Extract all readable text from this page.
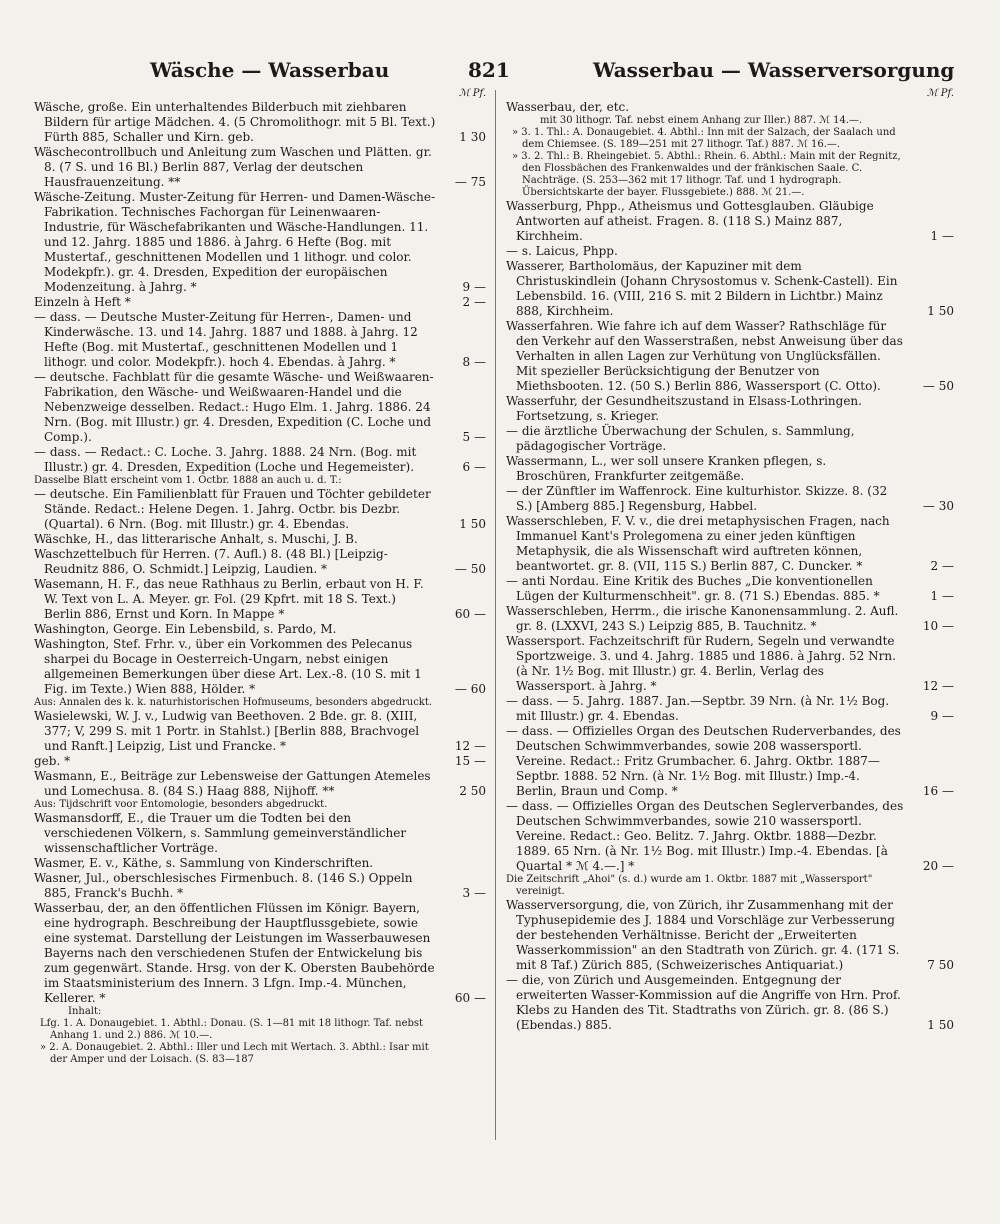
Wäsche — Wasserbau	821	Wasserbau — Wasserversorgung
ℳ Pf.
Wäsche, große. Ein unterhaltendes Bilderbuch mit ziehbaren Bildern für artige Mädchen. 4. (5 Chromolithogr. mit 5 Bl. Text.) Fürth 885, Schaller und Kirn. geb.	1 30
Wäschecontrollbuch und Anleitung zum Waschen und Plätten. gr. 8. (7 S. und 16 Bl.) Berlin 887, Verlag der deutschen Hausfrauenzeitung. **	— 75
Wäsche-Zeitung. Muster-Zeitung für Herren- und Damen-Wäsche-Fabrikation. Technisches Fachorgan für Leinenwaaren-Industrie, für Wäschefabrikanten und Wäsche-Handlungen. 11. und 12. Jahrg. 1885 und 1886. à Jahrg. 6 Hefte (Bog. mit Mustertaf., geschnittenen Modellen und 1 lithogr. und color. Modekpfr.). gr. 4. Dresden, Expedition der europäischen Modenzeitung. à Jahrg. *	9 —
Einzeln à Heft *	2 —
— dass. — Deutsche Muster-Zeitung für Herren-, Damen- und Kinderwäsche. 13. und 14. Jahrg. 1887 und 1888. à Jahrg. 12 Hefte (Bog. mit Mustertaf., geschnittenen Modellen und 1 lithogr. und color. Modekpfr.). hoch 4. Ebendas. à Jahrg. *	8 —
— deutsche. Fachblatt für die gesamte Wäsche- und Weißwaaren-Fabrikation, den Wäsche- und Weißwaaren-Handel und die Nebenzweige desselben. Redact.: Hugo Elm. 1. Jahrg. 1886. 24 Nrn. (Bog. mit Illustr.) gr. 4. Dresden, Expedition (C. Loche und Comp.).	5 —
— dass. — Redact.: C. Loche. 3. Jahrg. 1888. 24 Nrn. (Bog. mit Illustr.) gr. 4. Dresden, Expedition (Loche und Hegemeister).	6 —
Dasselbe Blatt erscheint vom 1. Octbr. 1888 an auch u. d. T.:
— deutsche. Ein Familienblatt für Frauen und Töchter gebildeter Stände. Redact.: Helene Degen. 1. Jahrg. Octbr. bis Dezbr. (Quartal). 6 Nrn. (Bog. mit Illustr.) gr. 4. Ebendas.	1 50
Wäschke, H., das litterarische Anhalt, s. Muschi, J. B.
Waschzettelbuch für Herren. (7. Aufl.) 8. (48 Bl.) [Leipzig-Reudnitz 886, O. Schmidt.] Leipzig, Laudien. *	— 50
Wasemann, H. F., das neue Rathhaus zu Berlin, erbaut von H. F. W. Text von L. A. Meyer. gr. Fol. (29 Kpfrt. mit 18 S. Text.) Berlin 886, Ernst und Korn. In Mappe *	60 —
Washington, George. Ein Lebensbild, s. Pardo, M.
Washington, Stef. Frhr. v., über ein Vorkommen des Pelecanus sharpei du Bocage in Oesterreich-Ungarn, nebst einigen allgemeinen Bemerkungen über diese Art. Lex.-8. (10 S. mit 1 Fig. im Texte.) Wien 888, Hölder. *	— 60
Aus: Annalen des k. k. naturhistorischen Hofmuseums, besonders abgedruckt.
Wasielewski, W. J. v., Ludwig van Beethoven. 2 Bde. gr. 8. (XIII, 377; V, 299 S. mit 1 Portr. in Stahlst.) [Berlin 888, Brachvogel und Ranft.] Leipzig, List und Francke. *	12 —
geb. *	15 —
Wasmann, E., Beiträge zur Lebensweise der Gattungen Atemeles und Lomechusa. 8. (84 S.) Haag 888, Nijhoff. **	2 50
Aus: Tijdschrift voor Entomologie, besonders abgedruckt.
Wasmansdorff, E., die Trauer um die Todten bei den verschiedenen Völkern, s. Sammlung gemeinverständlicher wissenschaftlicher Vorträge.
Wasmer, E. v., Käthe, s. Sammlung von Kinderschriften.
Wasner, Jul., oberschlesisches Firmenbuch. 8. (146 S.) Oppeln 885, Franck's Buchh. *	3 —
Wasserbau, der, an den öffentlichen Flüssen im Königr. Bayern, eine hydrograph. Beschreibung der Hauptflussgebiete, sowie eine systemat. Darstellung der Leistungen im Wasserbauwesen Bayerns nach den verschiedenen Stufen der Entwickelung bis zum gegenwärt. Stande. Hrsg. von der K. Obersten Baubehörde im Staatsministerium des Innern. 3 Lfgn. Imp.-4. München, Kellerer. *	60 —
Inhalt:
Lfg. 1. A. Donaugebiet. 1. Abthl.: Donau. (S. 1—81 mit 18 lithogr. Taf. nebst Anhang 1. und 2.) 886. ℳ 10.—.
» 2. A. Donaugebiet. 2. Abthl.: Iller und Lech mit Wertach. 3. Abthl.: Isar mit der Amper und der Loisach. (S. 83—187
ℳ Pf.
Wasserbau, der, etc.
mit 30 lithogr. Taf. nebst einem Anhang zur Iller.) 887. ℳ 14.—.
» 3. 1. Thl.: A. Donaugebiet. 4. Abthl.: Inn mit der Salzach, der Saalach und dem Chiemsee. (S. 189—251 mit 27 lithogr. Taf.) 887. ℳ 16.—.
» 3. 2. Thl.: B. Rheingebiet. 5. Abthl.: Rhein. 6. Abthl.: Main mit der Regnitz, den Flossbächen des Frankenwaldes und der fränkischen Saale. C. Nachträge. (S. 253—362 mit 17 lithogr. Taf. und 1 hydrograph. Übersichtskarte der bayer. Flussgebiete.) 888. ℳ 21.—.
Wasserburg, Phpp., Atheismus und Gottesglauben. Gläubige Antworten auf atheist. Fragen. 8. (118 S.) Mainz 887, Kirchheim.	1 —
— s. Laicus, Phpp.
Wasserer, Bartholomäus, der Kapuziner mit dem Christuskindlein (Johann Chrysostomus v. Schenk-Castell). Ein Lebensbild. 16. (VIII, 216 S. mit 2 Bildern in Lichtbr.) Mainz 888, Kirchheim.	1 50
Wasserfahren. Wie fahre ich auf dem Wasser? Rathschläge für den Verkehr auf den Wasserstraßen, nebst Anweisung über das Verhalten in allen Lagen zur Verhütung von Unglücksfällen. Mit spezieller Berücksichtigung der Benutzer von Miethsbooten. 12. (50 S.) Berlin 886, Wassersport (C. Otto).	— 50
Wasserfuhr, der Gesundheitszustand in Elsass-Lothringen. Fortsetzung, s. Krieger.
— die ärztliche Überwachung der Schulen, s. Sammlung, pädagogischer Vorträge.
Wassermann, L., wer soll unsere Kranken pflegen, s. Broschüren, Frankfurter zeitgemäße.
— der Zünftler im Waffenrock. Eine kulturhistor. Skizze. 8. (32 S.) [Amberg 885.] Regensburg, Habbel.	— 30
Wasserschleben, F. V. v., die drei metaphysischen Fragen, nach Immanuel Kant's Prolegomena zu einer jeden künftigen Metaphysik, die als Wissenschaft wird auftreten können, beantwortet. gr. 8. (VII, 115 S.) Berlin 887, C. Duncker. *	2 —
— anti Nordau. Eine Kritik des Buches „Die konventionellen Lügen der Kulturmenschheit". gr. 8. (71 S.) Ebendas. 885. *	1 —
Wasserschleben, Herrm., die irische Kanonensammlung. 2. Aufl. gr. 8. (LXXVI, 243 S.) Leipzig 885, B. Tauchnitz. *	10 —
Wassersport. Fachzeitschrift für Rudern, Segeln und verwandte Sportzweige. 3. und 4. Jahrg. 1885 und 1886. à Jahrg. 52 Nrn. (à Nr. 1½ Bog. mit Illustr.) gr. 4. Berlin, Verlag des Wassersport. à Jahrg. *	12 —
— dass. — 5. Jahrg. 1887. Jan.—Septbr. 39 Nrn. (à Nr. 1½ Bog. mit Illustr.) gr. 4. Ebendas.	9 —
— dass. — Offizielles Organ des Deutschen Ruderverbandes, des Deutschen Schwimmverbandes, sowie 208 wassersportl. Vereine. Redact.: Fritz Grumbacher. 6. Jahrg. Oktbr. 1887—Septbr. 1888. 52 Nrn. (à Nr. 1½ Bog. mit Illustr.) Imp.-4. Berlin, Braun und Comp. *	16 —
— dass. — Offizielles Organ des Deutschen Seglerverbandes, des Deutschen Schwimmverbandes, sowie 210 wassersportl. Vereine. Redact.: Geo. Belitz. 7. Jahrg. Oktbr. 1888—Dezbr. 1889. 65 Nrn. (à Nr. 1½ Bog. mit Illustr.) Imp.-4. Ebendas. [à Quartal * ℳ 4.—.] *	20 —
Die Zeitschrift „Ahoi" (s. d.) wurde am 1. Oktbr. 1887 mit „Wassersport" vereinigt.
Wasserversorgung, die, von Zürich, ihr Zusammenhang mit der Typhusepidemie des J. 1884 und Vorschläge zur Verbesserung der bestehenden Verhältnisse. Bericht der „Erweiterten Wasserkommission" an den Stadtrath von Zürich. gr. 4. (171 S. mit 8 Taf.) Zürich 885, (Schweizerisches Antiquariat.)	7 50
— die, von Zürich und Ausgemeinden. Entgegnung der erweiterten Wasser-Kommission auf die Angriffe von Hrn. Prof. Klebs zu Handen des Tit. Stadtraths von Zürich. gr. 8. (86 S.) (Ebendas.) 885.	1 50
